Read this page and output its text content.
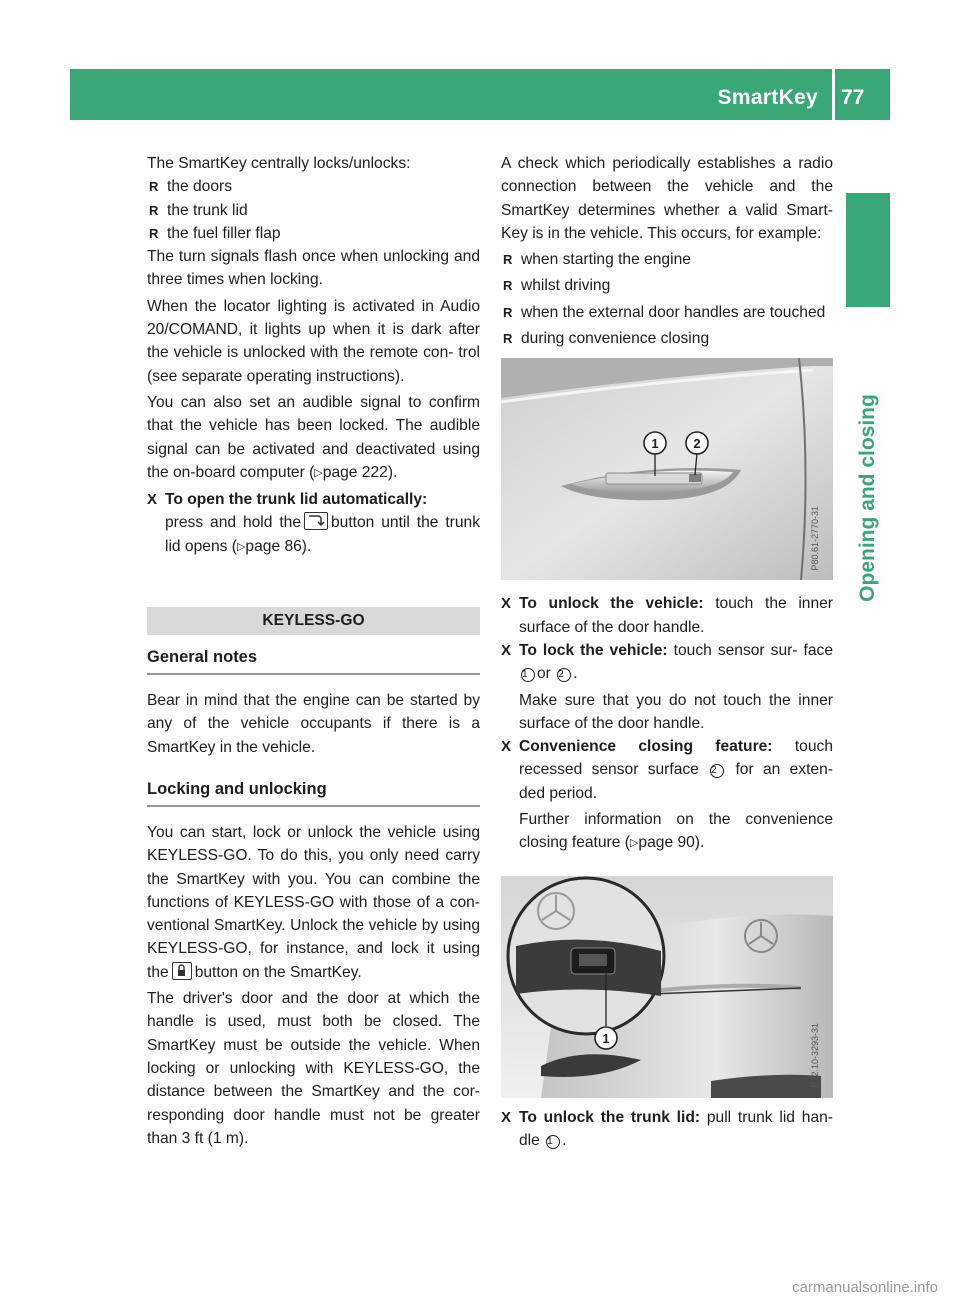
SmartKey 77
Opening and closing
The SmartKey centrally locks/unlocks:
R the doors
R the trunk lid
R the fuel filler flap
The turn signals flash once when unlocking and three times when locking.
When the locator lighting is activated in Audio 20/COMAND, it lights up when it is dark after the vehicle is unlocked with the remote con- trol (see separate operating instructions).
You can also set an audible signal to confirm that the vehicle has been locked. The audible signal can be activated and deactivated using the on-board computer (▷page 222).
X To open the trunk lid automatically:
press and hold the button until the trunk lid opens (▷page 86).
KEYLESS-GO
General notes
Bear in mind that the engine can be started by any of the vehicle occupants if there is a SmartKey in the vehicle.
Locking and unlocking
You can start, lock or unlock the vehicle using KEYLESS-GO. To do this, you only need carry the SmartKey with you. You can combine the functions of KEYLESS-GO with those of a con- ventional SmartKey. Unlock the vehicle by using KEYLESS-GO, for instance, and lock it using the button on the SmartKey.
The driver's door and the door at which the handle is used, must both be closed. The SmartKey must be outside the vehicle. When locking or unlocking with KEYLESS-GO, the distance between the SmartKey and the cor- responding door handle must not be greater than 3 ft (1 m).
A check which periodically establishes a radio connection between the vehicle and the SmartKey determines whether a valid Smart- Key is in the vehicle. This occurs, for example:
R when starting the engine
R whilst driving
R when the external door handles are touched
R during convenience closing
1	2
P80.61-2770-31
X To unlock the vehicle: touch the inner surface of the door handle.
X To lock the vehicle: touch sensor sur- face 1 or 2 .
Make sure that you do not touch the inner surface of the door handle.
X Convenience closing feature: touch recessed sensor surface 2 for an exten- ded period.
Further information on the convenience closing feature (▷page 90).
1	P72.10-3293-31
X To unlock the trunk lid: pull trunk lid han- dle 1 .
carmanualsonline.info
